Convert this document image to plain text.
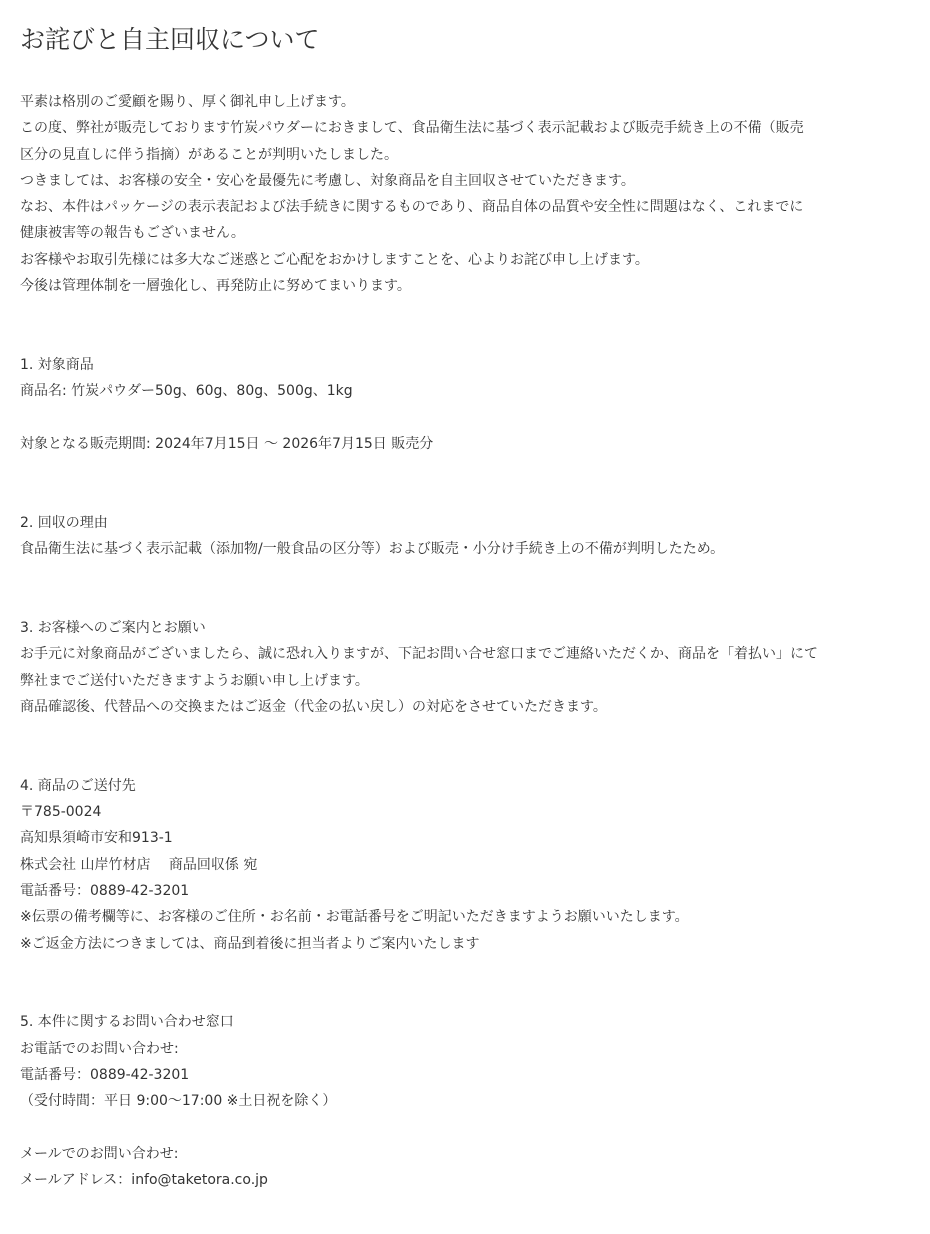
お詫びと自主回収について
平素は格別のご愛顧を賜り、厚く御礼申し上げます。
この度、弊社が販売しております竹炭パウダーにおきまして、食品衛生法に基づく表示記載および販売手続き上の不備（販売
区分の見直しに伴う指摘）があることが判明いたしました。
つきましては、お客様の安全・安心を最優先に考慮し、対象商品を自主回収させていただきます。
なお、本件はパッケージの表示表記および法手続きに関するものであり、商品自体の品質や安全性に問題はなく、これまでに
健康被害等の報告もございません。
お客様やお取引先様には多大なご迷惑とご心配をおかけしますことを、心よりお詫び申し上げます。
今後は管理体制を一層強化し、再発防止に努めてまいります。
1. 対象商品
商品名: 竹炭パウダー50g、60g、80g、500g、1kg
対象となる販売期間: 2024年7月15日 〜 2026年7月15日 販売分
2. 回収の理由
食品衛生法に基づく表示記載（添加物/一般食品の区分等）および販売・小分け手続き上の不備が判明したため。
3. お客様へのご案内とお願い
お手元に対象商品がございましたら、誠に恐れ入りますが、下記お問い合せ窓口までご連絡いただくか、商品を「着払い」にて
弊社までご送付いただきますようお願い申し上げます。
商品確認後、代替品への交換またはご返金（代金の払い戻し）の対応をさせていただきます。
4. 商品のご送付先
〒785-0024
高知県須崎市安和913-1
株式会社 山岸竹材店　 商品回収係 宛
電話番号：0889-42-3201
※伝票の備考欄等に、お客様のご住所・お名前・お電話番号をご明記いただきますようお願いいたします。
※ご返金方法につきましては、商品到着後に担当者よりご案内いたします
5. 本件に関するお問い合わせ窓口
お電話でのお問い合わせ:
電話番号：0889-42-3201
（受付時間：平日 9:00〜17:00 ※土日祝を除く）
メールでのお問い合わせ:
メールアドレス：info@taketora.co.jp
